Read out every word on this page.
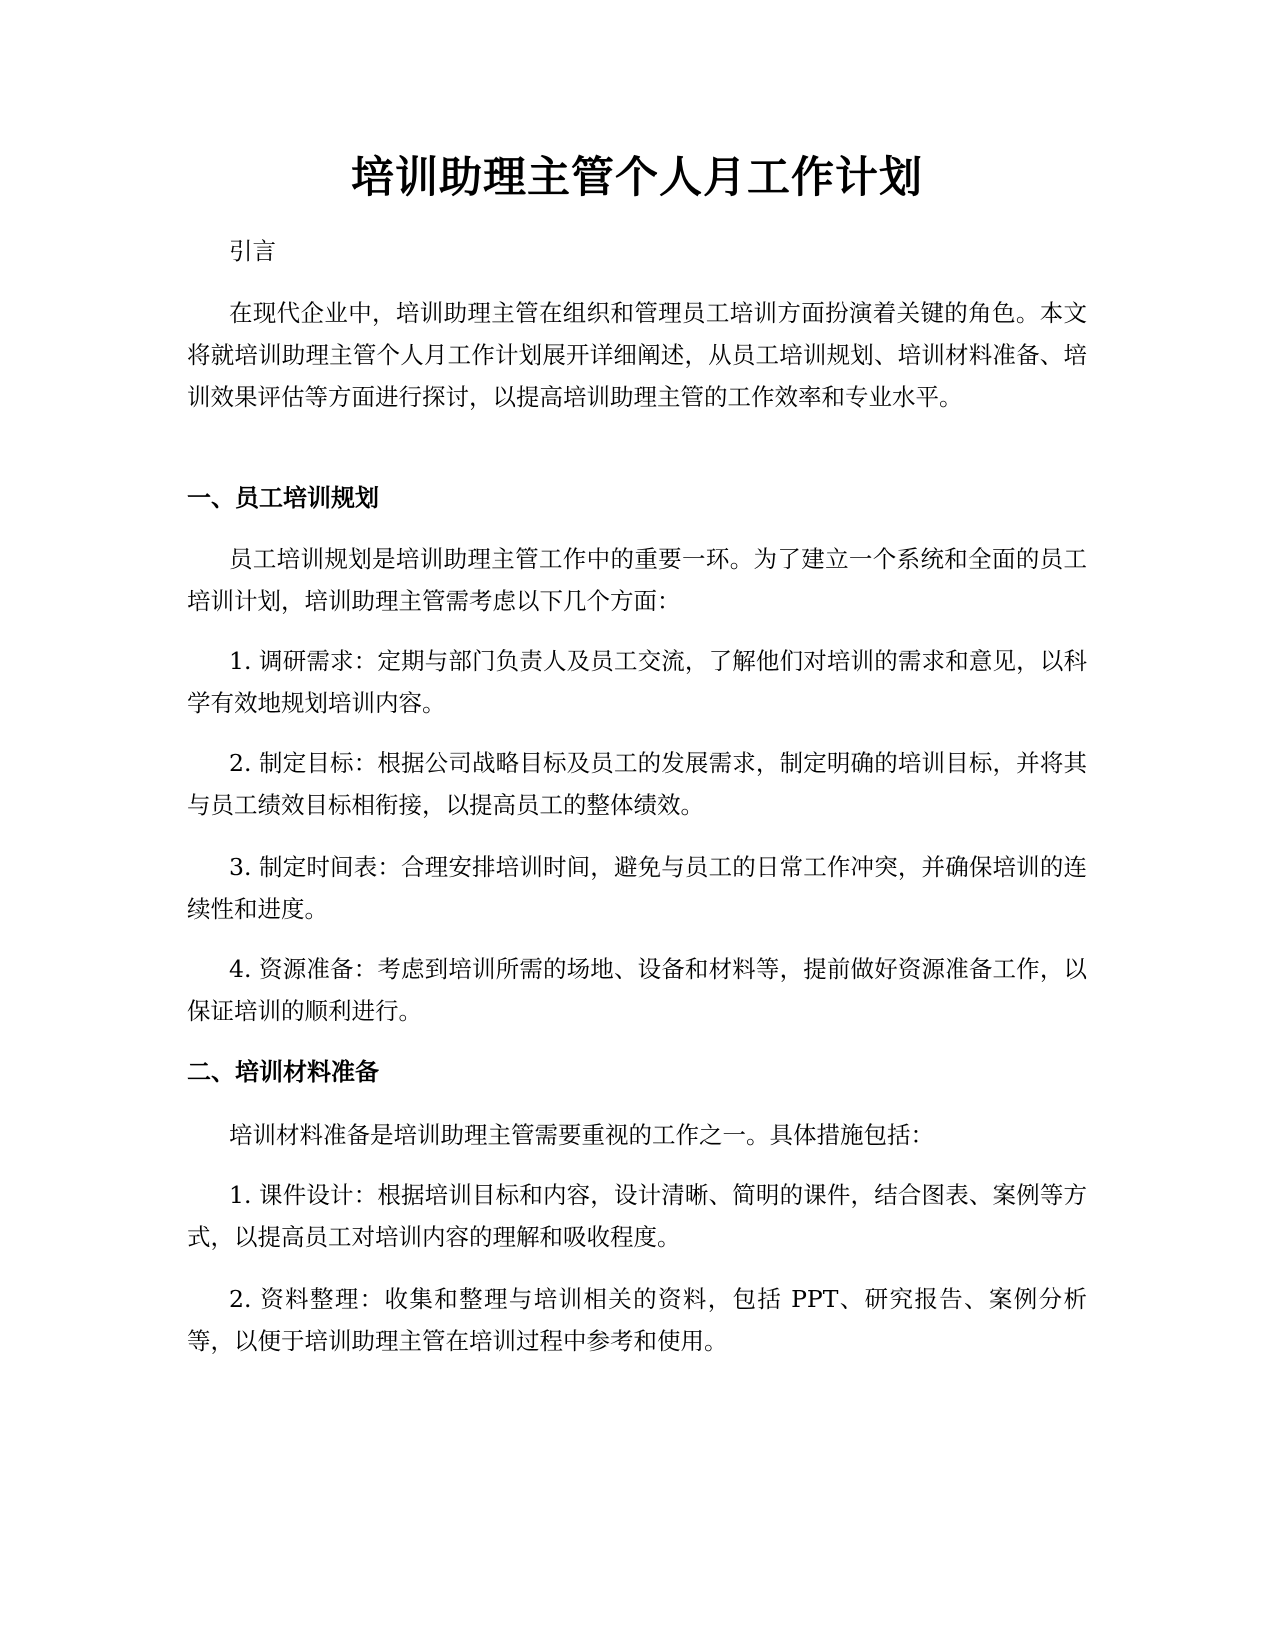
培训助理主管个人月工作计划

引言

在现代企业中，培训助理主管在组织和管理员工培训方面扮演着关键的角色。本文将就培训助理主管个人月工作计划展开详细阐述，从员工培训规划、培训材料准备、培训效果评估等方面进行探讨，以提高培训助理主管的工作效率和专业水平。

一、员工培训规划

员工培训规划是培训助理主管工作中的重要一环。为了建立一个系统和全面的员工培训计划，培训助理主管需考虑以下几个方面：

1. 调研需求：定期与部门负责人及员工交流，了解他们对培训的需求和意见，以科学有效地规划培训内容。

2. 制定目标：根据公司战略目标及员工的发展需求，制定明确的培训目标，并将其与员工绩效目标相衔接，以提高员工的整体绩效。

3. 制定时间表：合理安排培训时间，避免与员工的日常工作冲突，并确保培训的连续性和进度。

4. 资源准备：考虑到培训所需的场地、设备和材料等，提前做好资源准备工作，以保证培训的顺利进行。

二、培训材料准备

培训材料准备是培训助理主管需要重视的工作之一。具体措施包括：

1. 课件设计：根据培训目标和内容，设计清晰、简明的课件，结合图表、案例等方式，以提高员工对培训内容的理解和吸收程度。

2. 资料整理：收集和整理与培训相关的资料，包括 PPT、研究报告、案例分析等，以便于培训助理主管在培训过程中参考和使用。
